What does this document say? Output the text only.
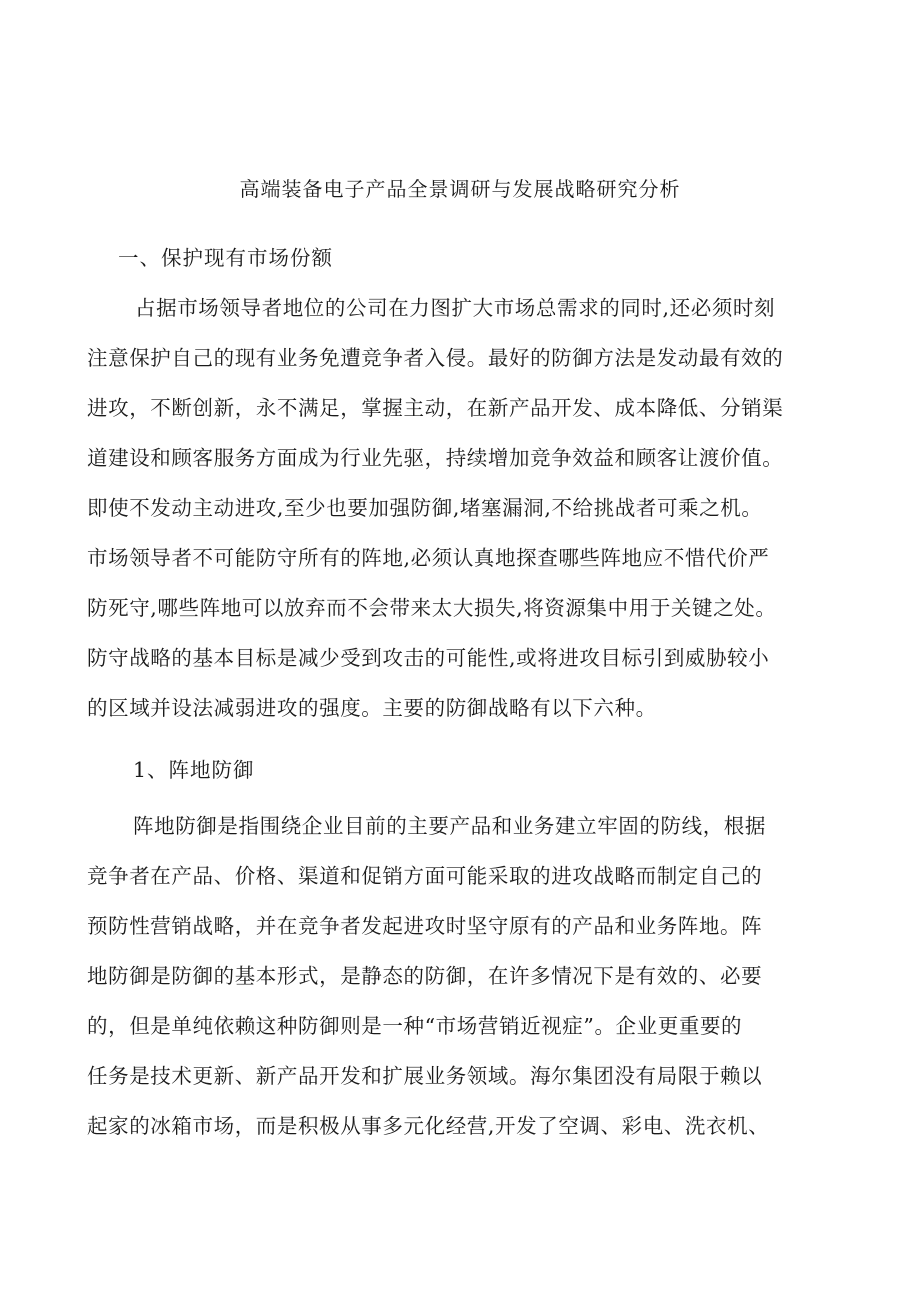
高端装备电子产品全景调研与发展战略研究分析
一、保护现有市场份额
占据市场领导者地位的公司在力图扩大市场总需求的同时,还必须时刻
注意保护自己的现有业务免遭竞争者入侵。最好的防御方法是发动最有效的
进攻，不断创新，永不满足，掌握主动，在新产品开发、成本降低、分销渠
道建设和顾客服务方面成为行业先驱，持续增加竞争效益和顾客让渡价值。
即使不发动主动进攻,至少也要加强防御,堵塞漏洞,不给挑战者可乘之机。
市场领导者不可能防守所有的阵地,必须认真地探查哪些阵地应不惜代价严
防死守,哪些阵地可以放弃而不会带来太大损失,将资源集中用于关键之处。
防守战略的基本目标是减少受到攻击的可能性,或将进攻目标引到威胁较小
的区域并设法减弱进攻的强度。主要的防御战略有以下六种。
1、阵地防御
阵地防御是指围绕企业目前的主要产品和业务建立牢固的防线，根据
竞争者在产品、价格、渠道和促销方面可能采取的进攻战略而制定自己的
预防性营销战略，并在竞争者发起进攻时坚守原有的产品和业务阵地。阵
地防御是防御的基本形式，是静态的防御，在许多情况下是有效的、必要
的，但是单纯依赖这种防御则是一种“市场营销近视症”。企业更重要的
任务是技术更新、新产品开发和扩展业务领域。海尔集团没有局限于赖以
起家的冰箱市场，而是积极从事多元化经营,开发了空调、彩电、洗衣机、
